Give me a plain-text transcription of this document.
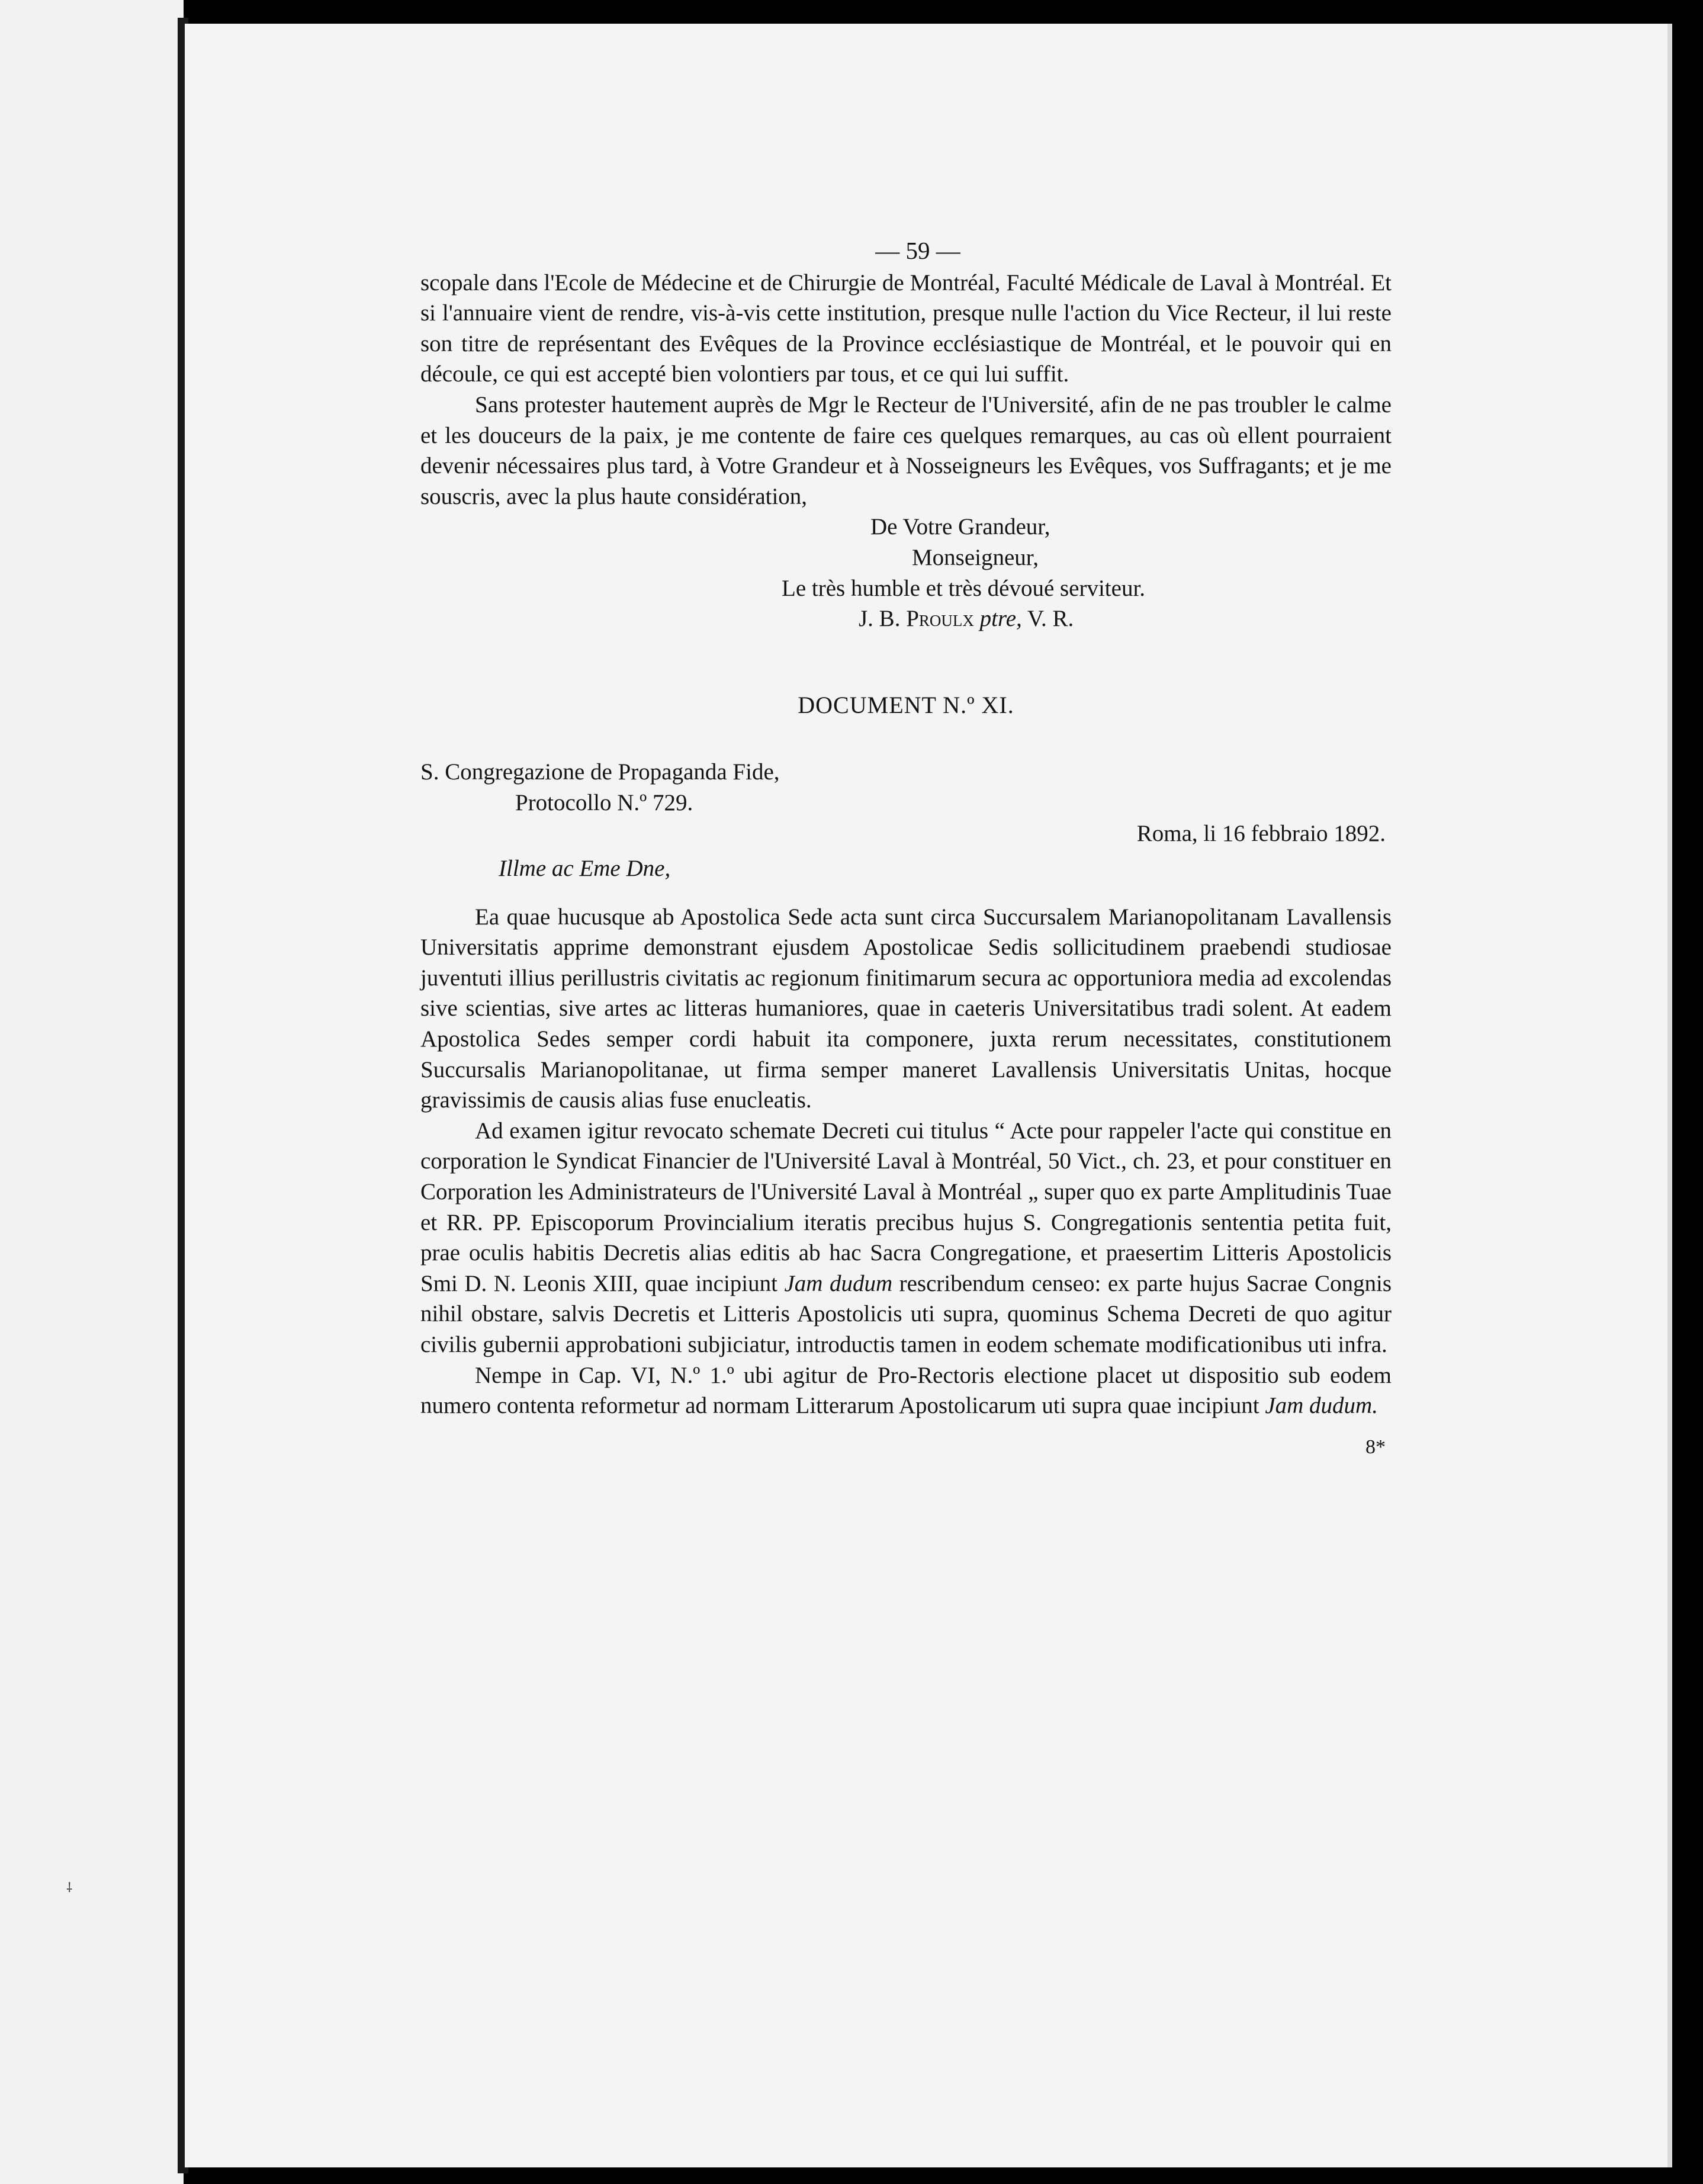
⸸
— 59 —

scopale dans l'Ecole de Médecine et de Chirurgie de Montréal, Faculté Médicale de Laval à Montréal. Et si l'annuaire vient de rendre, vis-à-vis cette institution, presque nulle l'action du Vice Recteur, il lui reste son titre de représentant des Evêques de la Province ecclésiastique de Montréal, et le pouvoir qui en découle, ce qui est accepté bien volontiers par tous, et ce qui lui suffit.

Sans protester hautement auprès de Mgr le Recteur de l'Université, afin de ne pas troubler le calme et les douceurs de la paix, je me contente de faire ces quelques remarques, au cas où ellent pourraient devenir nécessaires plus tard, à Votre Grandeur et à Nosseigneurs les Evêques, vos Suffragants; et je me souscris, avec la plus haute considération,

De Votre Grandeur,
Monseigneur,
Le très humble et très dévoué serviteur.
J. B. Proulx ptre, V. R.
DOCUMENT N.º XI.
S. Congregazione de Propaganda Fide,
Protocollo N.º 729.
Roma, li 16 febbraio 1892.
Illme ac Eme Dne,

Ea quae hucusque ab Apostolica Sede acta sunt circa Succursalem Marianopolitanam Lavallensis Universitatis apprime demonstrant ejusdem Apostolicae Sedis sollicitudinem praebendi studiosae juventuti illius perillustris civitatis ac regionum finitimarum secura ac opportuniora media ad excolendas sive scientias, sive artes ac litteras humaniores, quae in caeteris Universitatibus tradi solent. At eadem Apostolica Sedes semper cordi habuit ita componere, juxta rerum necessitates, constitutionem Succursalis Marianopolitanae, ut firma semper maneret Lavallensis Universitatis Unitas, hocque gravissimis de causis alias fuse enucleatis.

Ad examen igitur revocato schemate Decreti cui titulus “ Acte pour rappeler l'acte qui constitue en corporation le Syndicat Financier de l'Université Laval à Montréal, 50 Vict., ch. 23, et pour constituer en Corporation les Administrateurs de l'Université Laval à Montréal „ super quo ex parte Amplitudinis Tuae et RR. PP. Episcoporum Provincialium iteratis precibus hujus S. Congregationis sententia petita fuit, prae oculis habitis Decretis alias editis ab hac Sacra Congregatione, et praesertim Litteris Apostolicis Smi D. N. Leonis XIII, quae incipiunt Jam dudum rescribendum censeo: ex parte hujus Sacrae Congnis nihil obstare, salvis Decretis et Litteris Apostolicis uti supra, quominus Schema Decreti de quo agitur civilis gubernii approbationi subjiciatur, introductis tamen in eodem schemate modificationibus uti infra.

Nempe in Cap. VI, N.º 1.º ubi agitur de Pro-Rectoris electione placet ut dispositio sub eodem numero contenta reformetur ad normam Litterarum Apostolicarum uti supra quae incipiunt Jam dudum.

8*
